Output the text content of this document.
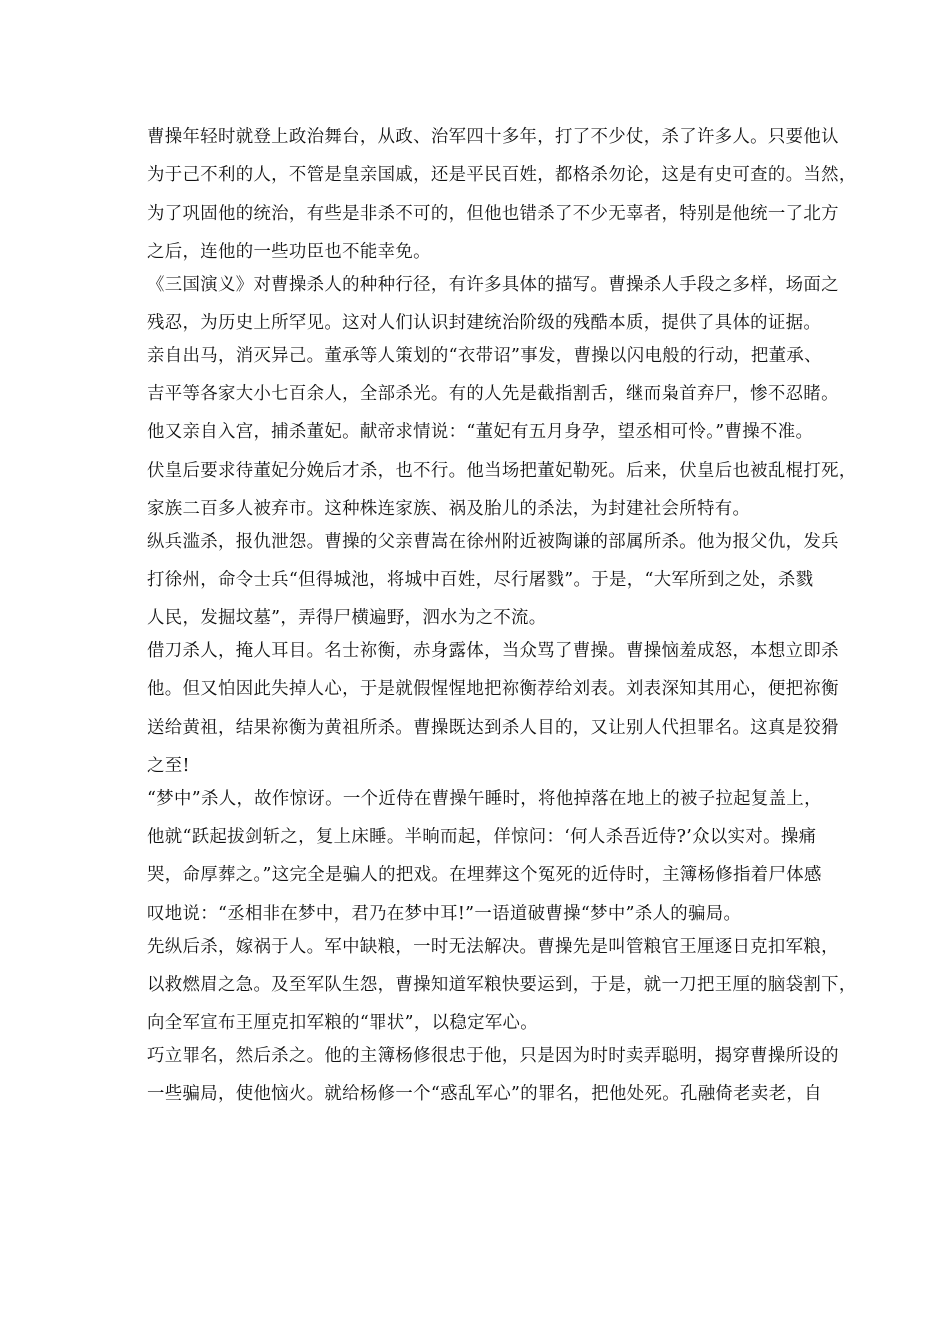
曹操年轻时就登上政治舞台，从政、治军四十多年，打了不少仗，杀了许多人。只要他认
为于己不利的人，不管是皇亲国戚，还是平民百姓，都格杀勿论，这是有史可查的。当然，
为了巩固他的统治，有些是非杀不可的，但他也错杀了不少无辜者，特别是他统一了北方
之后，连他的一些功臣也不能幸免。

《三国演义》对曹操杀人的种种行径，有许多具体的描写。曹操杀人手段之多样，场面之
残忍，为历史上所罕见。这对人们认识封建统治阶级的残酷本质，提供了具体的证据。

亲自出马，消灭异己。董承等人策划的“衣带诏”事发，曹操以闪电般的行动，把董承、
吉平等各家大小七百余人，全部杀光。有的人先是截指割舌，继而枭首弃尸，惨不忍睹。
他又亲自入宫，捕杀董妃。献帝求情说：“董妃有五月身孕，望丞相可怜。”曹操不准。
伏皇后要求待董妃分娩后才杀，也不行。他当场把董妃勒死。后来，伏皇后也被乱棍打死，
家族二百多人被弃市。这种株连家族、祸及胎儿的杀法，为封建社会所特有。

纵兵滥杀，报仇泄怨。曹操的父亲曹嵩在徐州附近被陶谦的部属所杀。他为报父仇，发兵
打徐州，命令士兵“但得城池，将城中百姓，尽行屠戮”。于是，“大军所到之处，杀戮
人民，发掘坟墓”，弄得尸横遍野，泗水为之不流。

借刀杀人，掩人耳目。名士祢衡，赤身露体，当众骂了曹操。曹操恼羞成怒，本想立即杀
他。但又怕因此失掉人心，于是就假惺惺地把祢衡荐给刘表。刘表深知其用心，便把祢衡
送给黄祖，结果祢衡为黄祖所杀。曹操既达到杀人目的，又让别人代担罪名。这真是狡猾
之至!

“梦中”杀人，故作惊讶。一个近侍在曹操午睡时，将他掉落在地上的被子拉起复盖上，
他就“跃起拔剑斩之，复上床睡。半晌而起，佯惊问：‘何人杀吾近侍?’众以实对。操痛
哭，命厚葬之。”这完全是骗人的把戏。在埋葬这个冤死的近侍时，主簿杨修指着尸体感
叹地说：“丞相非在梦中，君乃在梦中耳!”一语道破曹操“梦中”杀人的骗局。

先纵后杀，嫁祸于人。军中缺粮，一时无法解决。曹操先是叫管粮官王厘逐日克扣军粮，
以救燃眉之急。及至军队生怨，曹操知道军粮快要运到，于是，就一刀把王厘的脑袋割下，
向全军宣布王厘克扣军粮的“罪状”，以稳定军心。

巧立罪名，然后杀之。他的主簿杨修很忠于他，只是因为时时卖弄聪明，揭穿曹操所设的
一些骗局，使他恼火。就给杨修一个“惑乱军心”的罪名，把他处死。孔融倚老卖老，自
